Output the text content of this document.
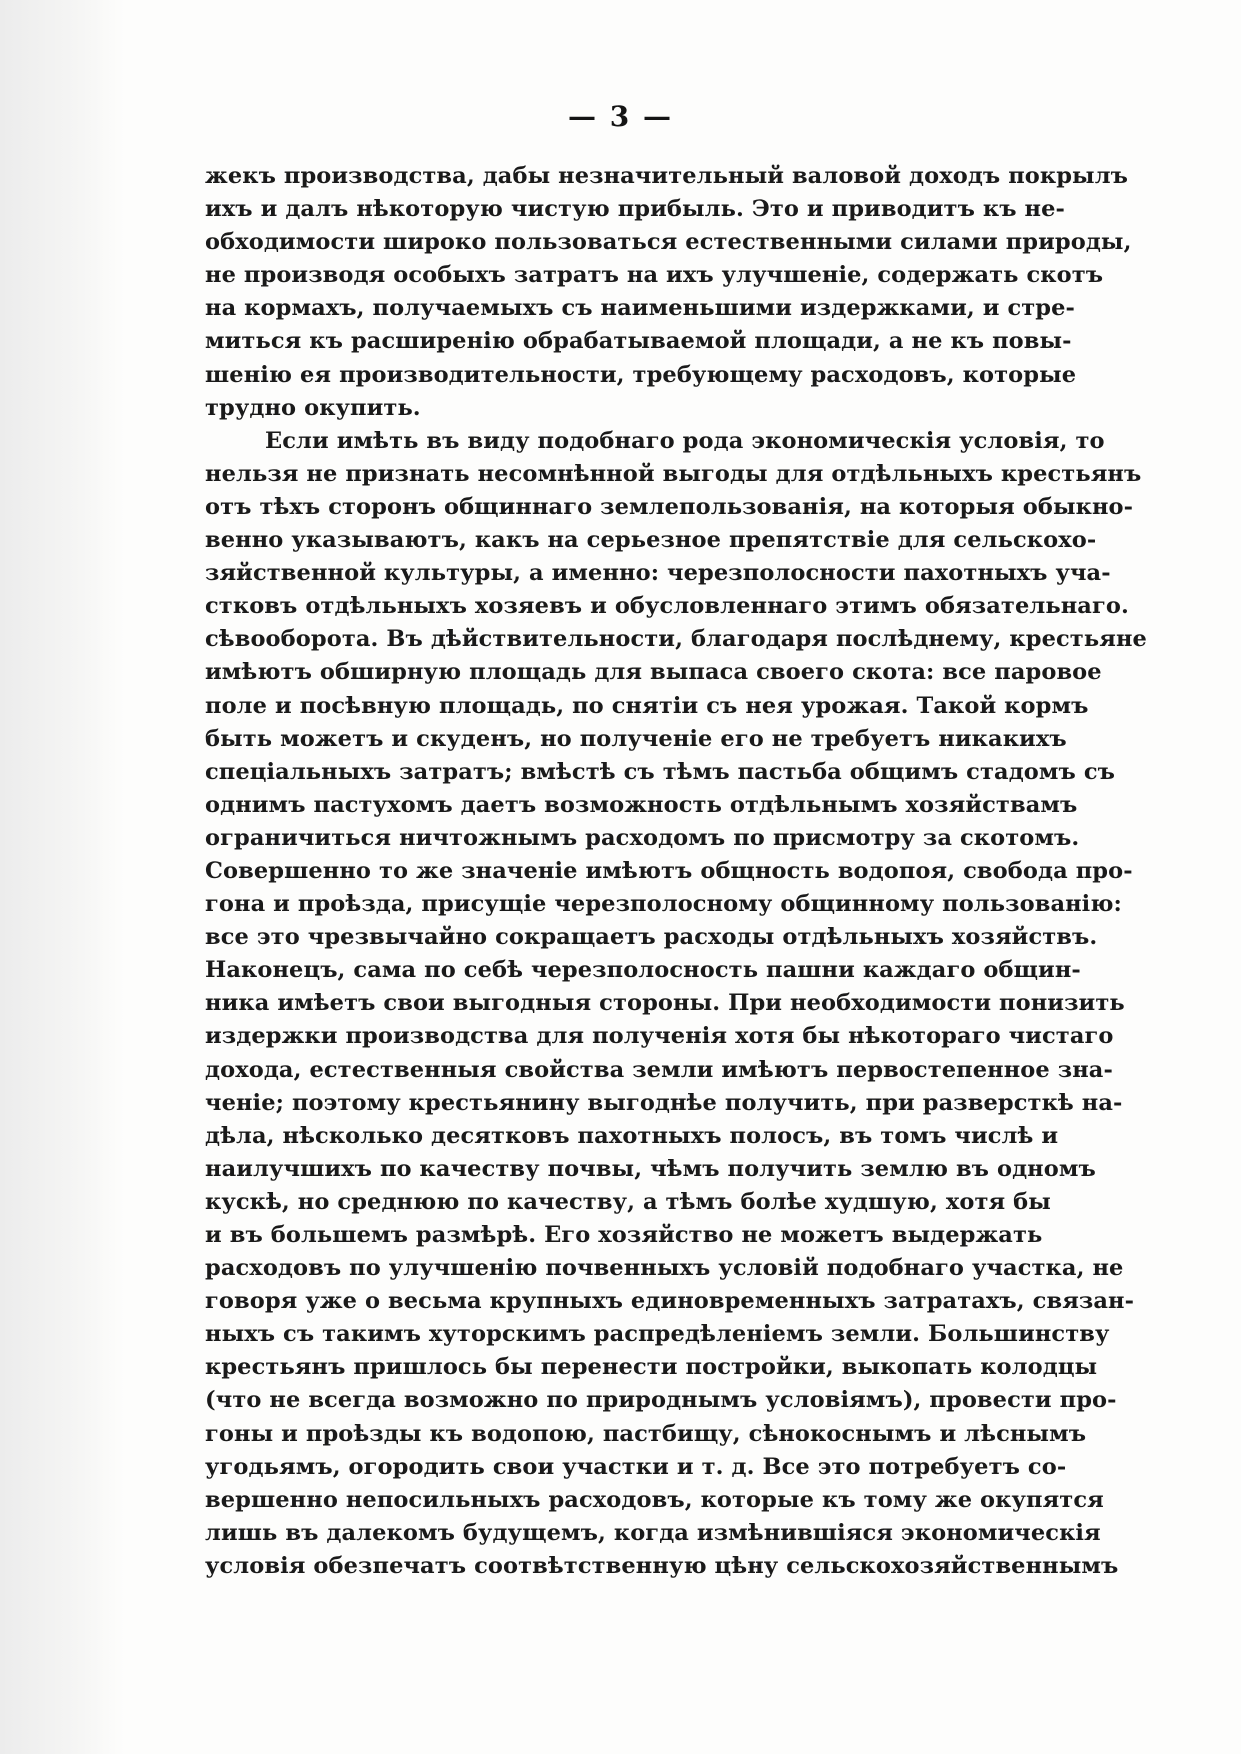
— 3 —
жекъ производства, дабы незначительный валовой доходъ покрылъ
ихъ и далъ нѣкоторую чистую прибыль. Это и приводитъ къ не-
обходимости широко пользоваться естественными силами природы,
не производя особыхъ затратъ на ихъ улучшеніе, содержать скотъ
на кормахъ, получаемыхъ съ наименьшими издержками, и стре-
миться къ расширенію обрабатываемой площади, а не къ повы-
шенію ея производительности, требующему расходовъ, которые
трудно окупить.
Если имѣть въ виду подобнаго рода экономическія условія, то
нельзя не признать несомнѣнной выгоды для отдѣльныхъ крестьянъ
отъ тѣхъ сторонъ общиннаго землепользованія, на которыя обыкно-
венно указываютъ, какъ на серьезное препятствіе для сельскохо-
зяйственной культуры, а именно: черезполосности пахотныхъ уча-
стковъ отдѣльныхъ хозяевъ и обусловленнаго этимъ обязательнаго.
сѣвооборота. Въ дѣйствительности, благодаря послѣднему, крестьяне
имѣютъ обширную площадь для выпаса своего скота: все паровое
поле и посѣвную площадь, по снятіи съ нея урожая. Такой кормъ
быть можетъ и скуденъ, но полученіе его не требуетъ никакихъ
спеціальныхъ затратъ; вмѣстѣ съ тѣмъ пастьба общимъ стадомъ съ
однимъ пастухомъ даетъ возможность отдѣльнымъ хозяйствамъ
ограничиться ничтожнымъ расходомъ по присмотру за скотомъ.
Совершенно то же значеніе имѣютъ общность водопоя, свобода про-
гона и проѣзда, присущіе черезполосному общинному пользованію:
все это чрезвычайно сокращаетъ расходы отдѣльныхъ хозяйствъ.
Наконецъ, сама по себѣ черезполосность пашни каждаго общин-
ника имѣетъ свои выгодныя стороны. При необходимости понизить
издержки производства для полученія хотя бы нѣкотораго чистаго
дохода, естественныя свойства земли имѣютъ первостепенное зна-
ченіе; поэтому крестьянину выгоднѣе получить, при разверсткѣ на-
дѣла, нѣсколько десятковъ пахотныхъ полосъ, въ томъ числѣ и
наилучшихъ по качеству почвы, чѣмъ получить землю въ одномъ
кускѣ, но среднюю по качеству, а тѣмъ болѣе худшую, хотя бы
и въ большемъ размѣрѣ. Его хозяйство не можетъ выдержать
расходовъ по улучшенію почвенныхъ условій подобнаго участка, не
говоря уже о весьма крупныхъ единовременныхъ затратахъ, связан-
ныхъ съ такимъ хуторскимъ распредѣленіемъ земли. Большинству
крестьянъ пришлось бы перенести постройки, выкопать колодцы
(что не всегда возможно по природнымъ условіямъ), провести про-
гоны и проѣзды къ водопою, пастбищу, сѣнокоснымъ и лѣснымъ
угодьямъ, огородить свои участки и т. д. Все это потребуетъ со-
вершенно непосильныхъ расходовъ, которые къ тому же окупятся
лишь въ далекомъ будущемъ, когда измѣнившіяся экономическія
условія обезпечатъ соотвѣтственную цѣну сельскохозяйственнымъ
